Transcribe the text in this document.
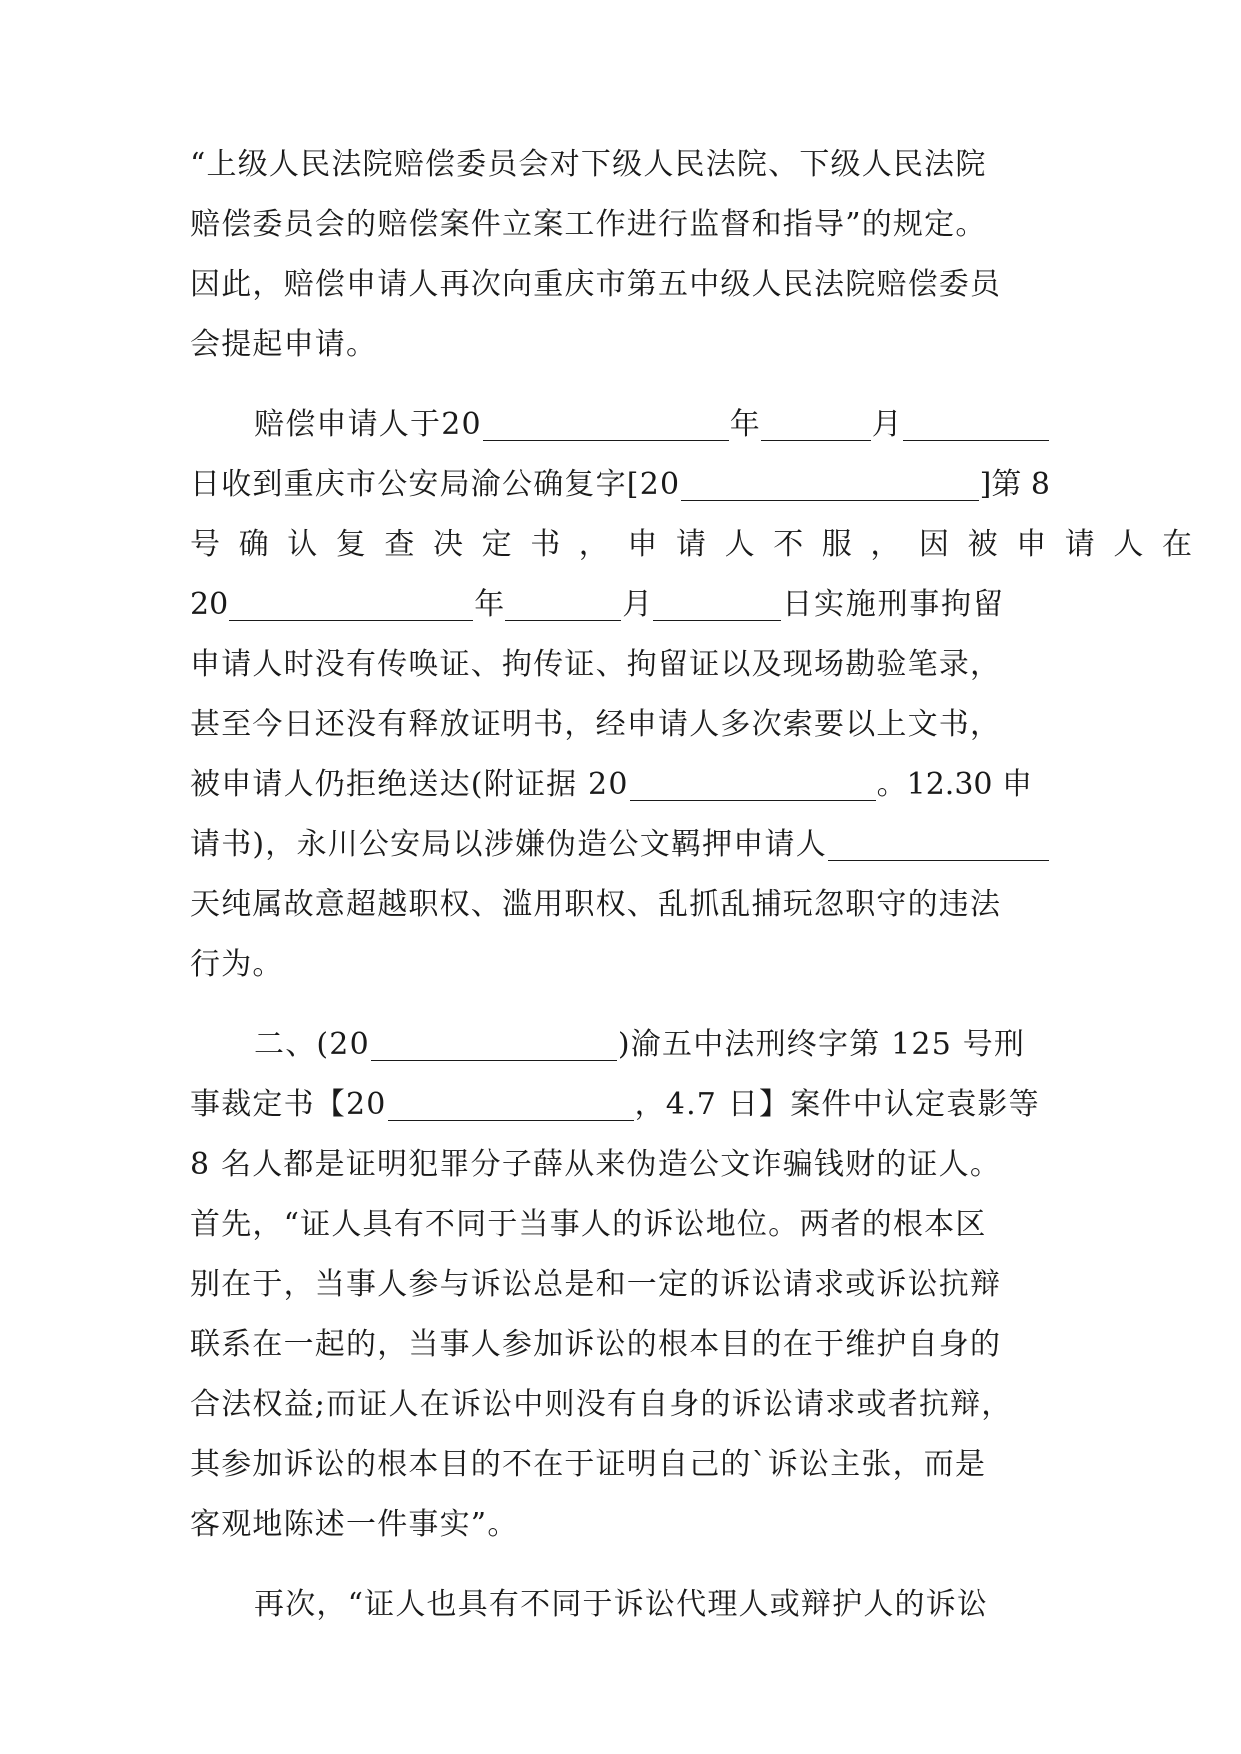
“上级人民法院赔偿委员会对下级人民法院、下级人民法院
赔偿委员会的赔偿案件立案工作进行监督和指导”的规定。
因此，赔偿申请人再次向重庆市第五中级人民法院赔偿委员
会提起申请。
赔偿申请人于20	年	月
日收到重庆市公安局渝公确复字[20	]第 8
号确认复查决定书，申请人不服，因被申请人在
20	年	月	日实施刑事拘留
申请人时没有传唤证、拘传证、拘留证以及现场勘验笔录，
甚至今日还没有释放证明书，经申请人多次索要以上文书，
被申请人仍拒绝送达(附证据 20	。12.30 申
请书)，永川公安局以涉嫌伪造公文羁押申请人
天纯属故意超越职权、滥用职权、乱抓乱捕玩忽职守的违法
行为。
二、(20	)渝五中法刑终字第 125 号刑
事裁定书【20	，4.7 日】案件中认定袁影等
8 名人都是证明犯罪分子薛从来伪造公文诈骗钱财的证人。
首先，“证人具有不同于当事人的诉讼地位。两者的根本区
别在于，当事人参与诉讼总是和一定的诉讼请求或诉讼抗辩
联系在一起的，当事人参加诉讼的根本目的在于维护自身的
合法权益;而证人在诉讼中则没有自身的诉讼请求或者抗辩，
其参加诉讼的根本目的不在于证明自己的`诉讼主张，而是
客观地陈述一件事实”。
再次，“证人也具有不同于诉讼代理人或辩护人的诉讼
